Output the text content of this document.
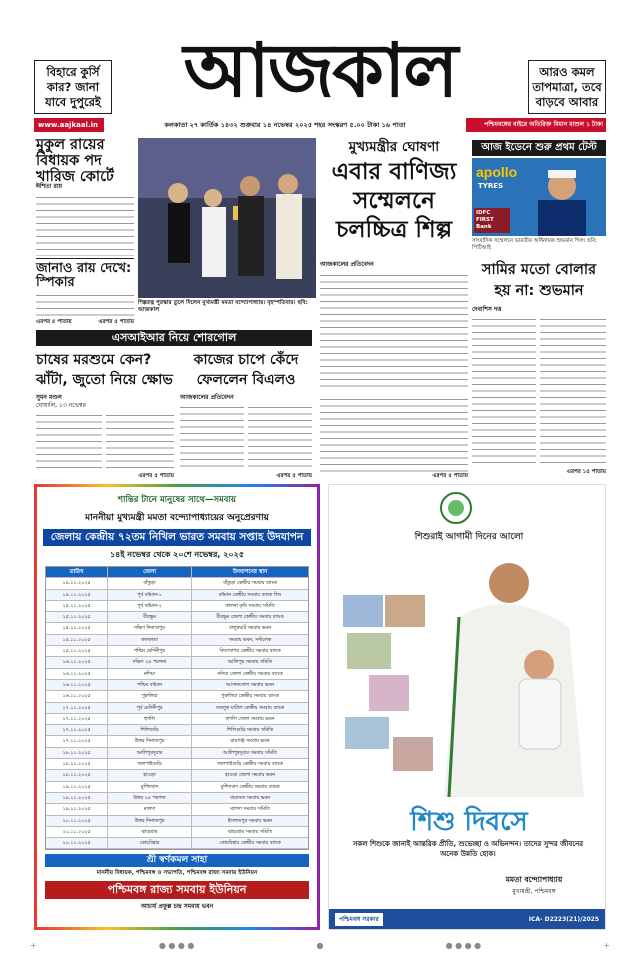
বিহারে কুর্সি কার? জানা যাবে দুপুরেই	আজকাল	আরও কমল তাপমাত্রা, তবে বাড়বে আবার
www.aajkaal.in	কলকাতা ২৭ কার্তিক ১৪৩২ শুক্রবার ১৪ নভেম্বর ২০২৫ শহর সংস্করণ ৫.০০ টাকা ১৬ পাতা	পশ্চিমবঙ্গের বাইরে অতিরিক্ত বিমান মাশুল ১ টাকা
মুকুল রায়ের বিধায়ক পদ খারিজ কোর্টে
ঈশিতা রায়
জানাও রায় দেখে: স্পিকার
এরপর ৫ পাতায়
শিল্পরত্ন পুরস্কার তুলে দিলেন মুখ্যমন্ত্রী মমতা বন্দ্যোপাধ্যায়। বৃহস্পতিবার। ছবি: আজকাল
মুখ্যমন্ত্রীর ঘোষণা
এবার বাণিজ্য সম্মেলনে চলচ্চিত্র শিল্প
আজকালের প্রতিবেদন
আজ ইডেনে শুরু প্রথম টেস্ট
apollo
TYRES
IDFC FIRST Bank
সাংবাদিক সম্মেলনে ভারতীয় অধিনায়ক শুভমান গিল। ছবি: পিটিআই
সামির মতো বোলার হয় না: শুভমান
দেবাশিস দত্ত
এরপর ১৫ পাতায়
এসআইআর নিয়ে শোরগোল
চাষের মরশুমে কেন? ঝাঁটা, জুতো নিয়ে ক্ষোভ
সুমন মণ্ডল
ঘোষালি, ১৩ নভেম্বর
এরপর ৫ পাতায়
কাজের চাপে কেঁদে ফেললেন বিএলও
আজকালের প্রতিবেদন
এরপর ৫ পাতায়	এরপর ৫ পাতায়
এরপর ৫ পাতায়
শান্তির টানে মানুষের সাথে—সমবায়
মাননীয়া মুখ্যমন্ত্রী মমতা বন্দ্যোপাধ্যায়ের অনুপ্রেরণায়
জেলায় কেন্দ্রীয় ৭২তম নিখিল ভারত সমবায় সপ্তাহ উদযাপন
১৪ই নভেম্বর থেকে ২০শে নভেম্বর, ২০২৫
তারিখ	জেলা	উদযাপনের স্থান
১৪.১১.২০২৫	বাঁকুড়া	বাঁকুড়া কেন্দ্রীয় সমবায় ব্যাংক
১৪.১১.২০২৫	পূর্ব বর্ধমান-১	বর্ধমান কেন্দ্রীয় সমবায় ব্যাংক লিঃ
১৫.১১.২০২৫	পূর্ব বর্ধমান-২	কালনা কৃষি সমবায় সমিতি
১৫.১১.২০২৫	বীরভূম	বীরভূম জেলা কেন্দ্রীয় সমবায় ব্যাংক
১৫.১১.২০২৫	দক্ষিণ দিনাজপুর	বালুরঘাট সমবায় ভবন
১৫.১১.২০২৫	কলকাতা	সমবায় ভবন, সল্টলেক
১৫.১১.২০২৫	পশ্চিম মেদিনীপুর	বিদ্যাসাগর কেন্দ্রীয় সমবায় ব্যাংক
১৬.১১.২০২৫	দক্ষিণ ২৪ পরগনা	আলিপুর সমবায় সমিতি
১৬.১১.২০২৫	নদিয়া	নদিয়া জেলা কেন্দ্রীয় সমবায় ব্যাংক
১৬.১১.২০২৫	পশ্চিম বর্ধমান	আসানসোল সমবায় ভবন
১৬.১১.২০২৫	পুরুলিয়া	পুরুলিয়া কেন্দ্রীয় সমবায় ব্যাংক
১৭.১১.২০২৫	পূর্ব মেদিনীপুর	তমলুক ঘাটাল কেন্দ্রীয় সমবায় ব্যাংক
১৭.১১.২০২৫	হুগলি	হুগলি জেলা সমবায় ভবন
১৭.১১.২০২৫	শিলিগুড়ি	শিলিগুড়ি সমবায় সমিতি
১৭.১১.২০২৫	উত্তর দিনাজপুর	রায়গঞ্জ সমবায় ভবন
১৮.১১.২০২৫	আলিপুরদুয়ার	আলিপুরদুয়ার সমবায় সমিতি
১৮.১১.২০২৫	জলপাইগুড়ি	জলপাইগুড়ি কেন্দ্রীয় সমবায় ব্যাংক
১৮.১১.২০২৫	হাওড়া	হাওড়া জেলা সমবায় ভবন
১৯.১১.২০২৫	মুর্শিদাবাদ	মুর্শিদাবাদ কেন্দ্রীয় সমবায় ব্যাংক
১৯.১১.২০২৫	উত্তর ২৪ পরগনা	বারাসত সমবায় ভবন
১৯.১১.২০২৫	মালদা	মালদা সমবায় সমিতি
২০.১১.২০২৫	উত্তর দিনাজপুর	ইসলামপুর সমবায় ভবন
২০.১১.২০২৫	ঝাড়গ্রাম	ঝাড়গ্রাম সমবায় সমিতি
২০.১১.২০২৫	কোচবিহার	কোচবিহার কেন্দ্রীয় সমবায় ব্যাংক
শ্রী স্বর্ণকমল সাহা
মাননীয় বিধায়ক, পশ্চিমবঙ্গ ও সভাপতি, পশ্চিমবঙ্গ রাজ্য সমবায় ইউনিয়ন
পশ্চিমবঙ্গ রাজ্য সমবায় ইউনিয়ন
আচার্য প্রফুল্ল চন্দ্র সমবায় ভবন
শিশুরাই আগামী দিনের আলো
শিশু দিবসে
সকল শিশুকে জানাই আন্তরিক প্রীতি, শুভেচ্ছা ও অভিনন্দন। তাদের সুন্দর জীবনের অনেক উন্নতি হোক।
মমতা বন্দ্যোপাধ্যায়
মুখ্যমন্ত্রী, পশ্চিমবঙ্গ
পশ্চিমবঙ্গ সরকার	ICA- D2223(21)/2025
+	● ● ● ●	●	● ● ● ●	+
